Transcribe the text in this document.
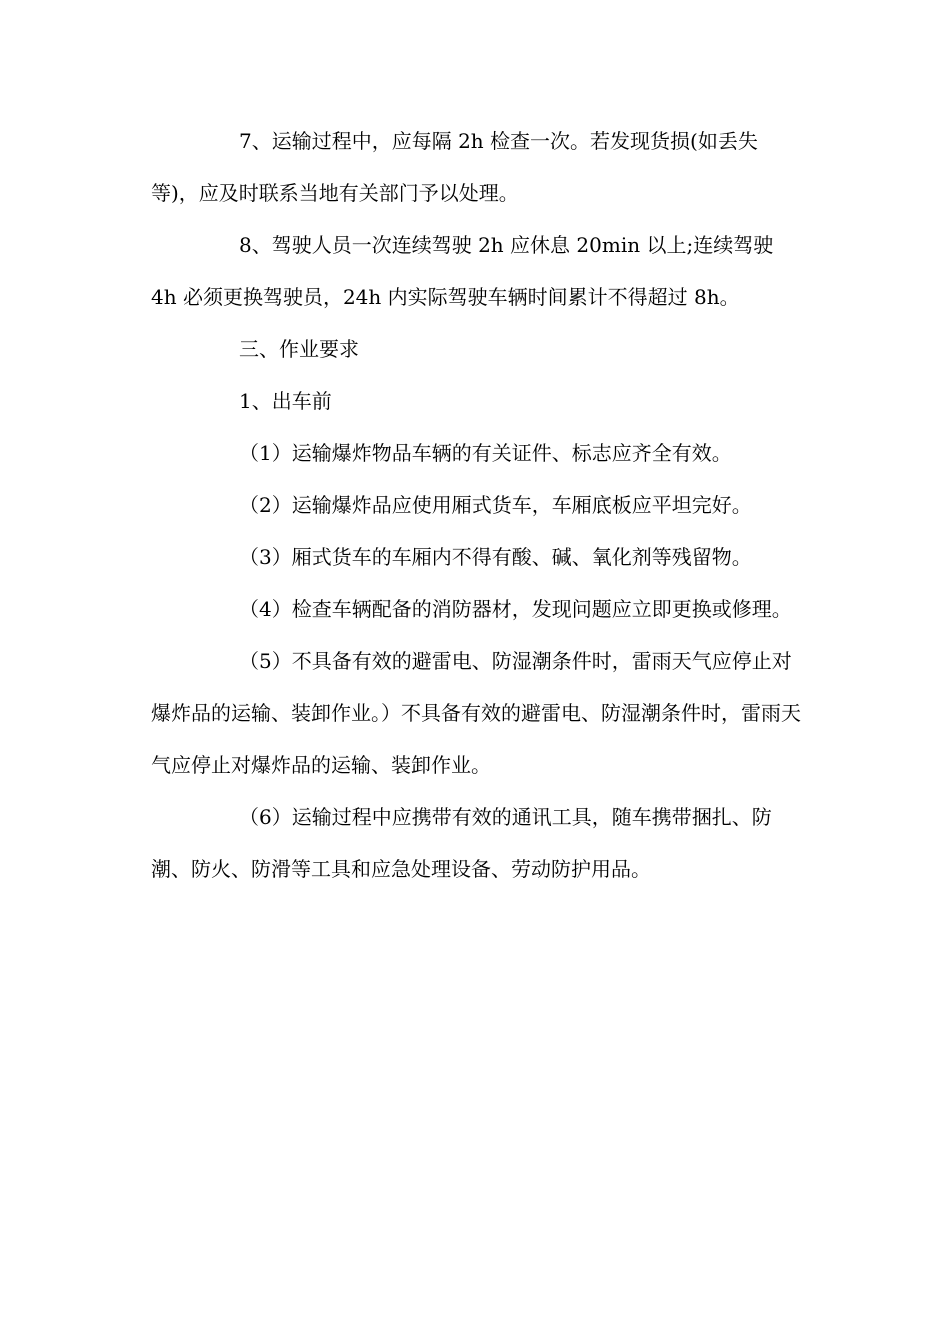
7、运输过程中，应每隔 2h 检查一次。若发现货损(如丢失等)，应及时联系当地有关部门予以处理。

8、驾驶人员一次连续驾驶 2h 应休息 20min 以上;连续驾驶 4h 必须更换驾驶员，24h 内实际驾驶车辆时间累计不得超过 8h。

三、作业要求

1、出车前

（1）运输爆炸物品车辆的有关证件、标志应齐全有效。

（2）运输爆炸品应使用厢式货车，车厢底板应平坦完好。

（3）厢式货车的车厢内不得有酸、碱、氧化剂等残留物。

（4）检查车辆配备的消防器材，发现问题应立即更换或修理。

（5）不具备有效的避雷电、防湿潮条件时，雷雨天气应停止对爆炸品的运输、装卸作业。）不具备有效的避雷电、防湿潮条件时，雷雨天气应停止对爆炸品的运输、装卸作业。

（6）运输过程中应携带有效的通讯工具，随车携带捆扎、防潮、防火、防滑等工具和应急处理设备、劳动防护用品。
